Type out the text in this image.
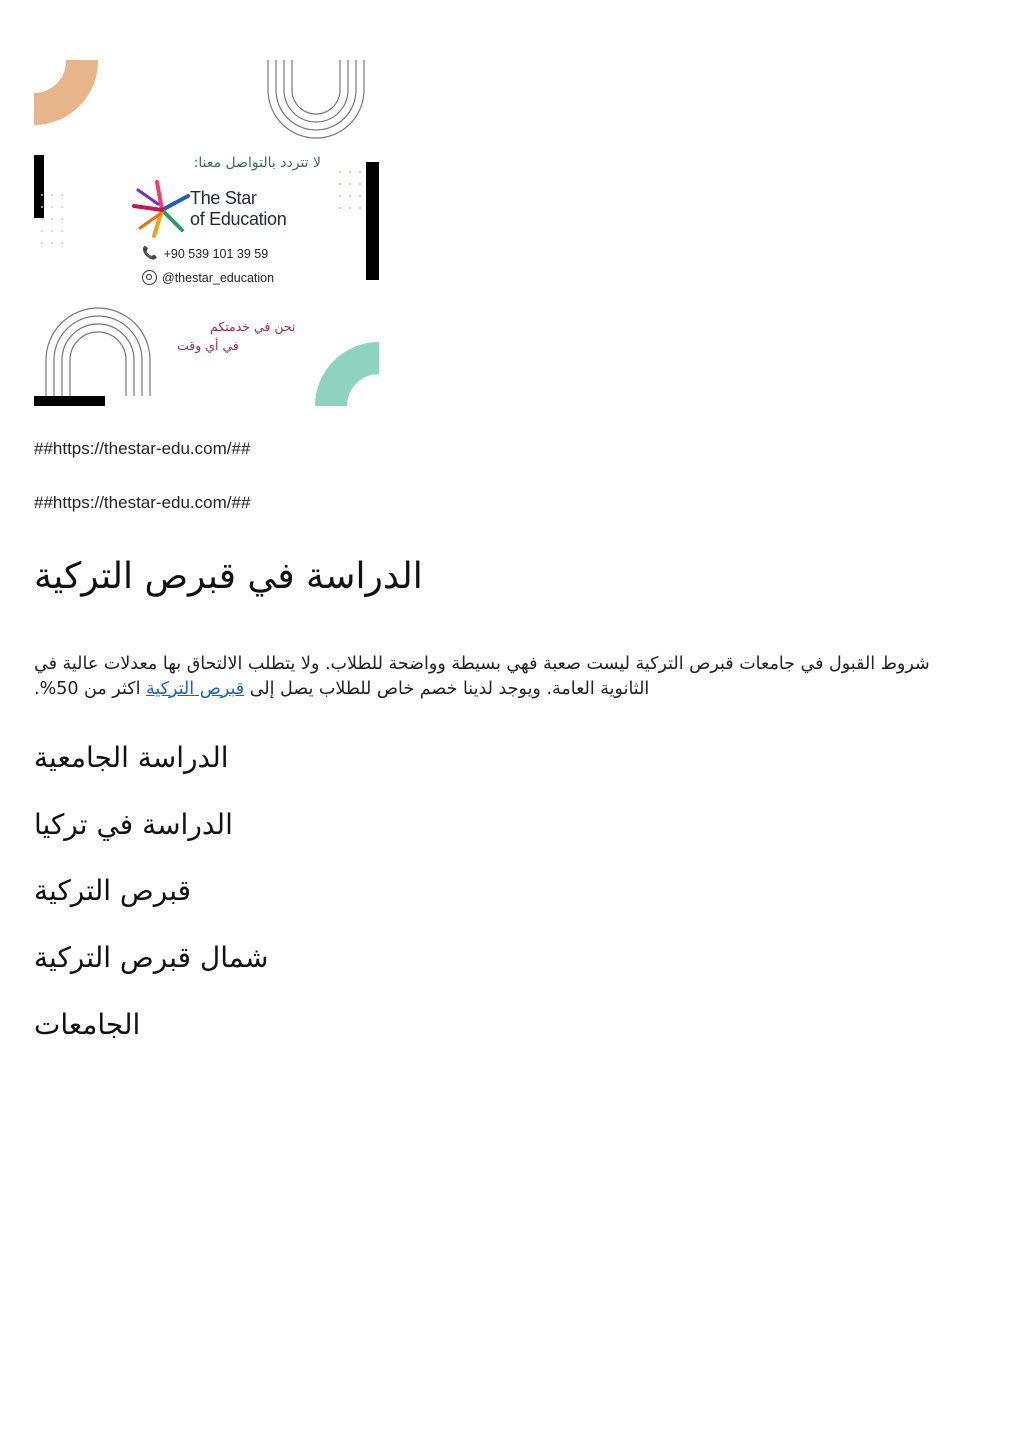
لا تتردد بالتواصل معنا:
The Star
of Education
📞 +90 539 101 39 59
@thestar_education
نحن في خدمتكم
في أي وقت
##https://thestar-edu.com/##
##https://thestar-edu.com/##
الدراسة في قبرص التركية

شروط القبول في جامعات قبرص التركية ليست صعبة فهي بسيطة وواضحة للطلاب. ولا يتطلب الالتحاق بها معدلات عالية في الثانوية العامة. ويوجد لدينا خصم خاص للطلاب يصل إلى قبرص التركية اكثر من 50%.

الدراسة الجامعية
الدراسة في تركيا
قبرص التركية
شمال قبرص التركية
الجامعات
